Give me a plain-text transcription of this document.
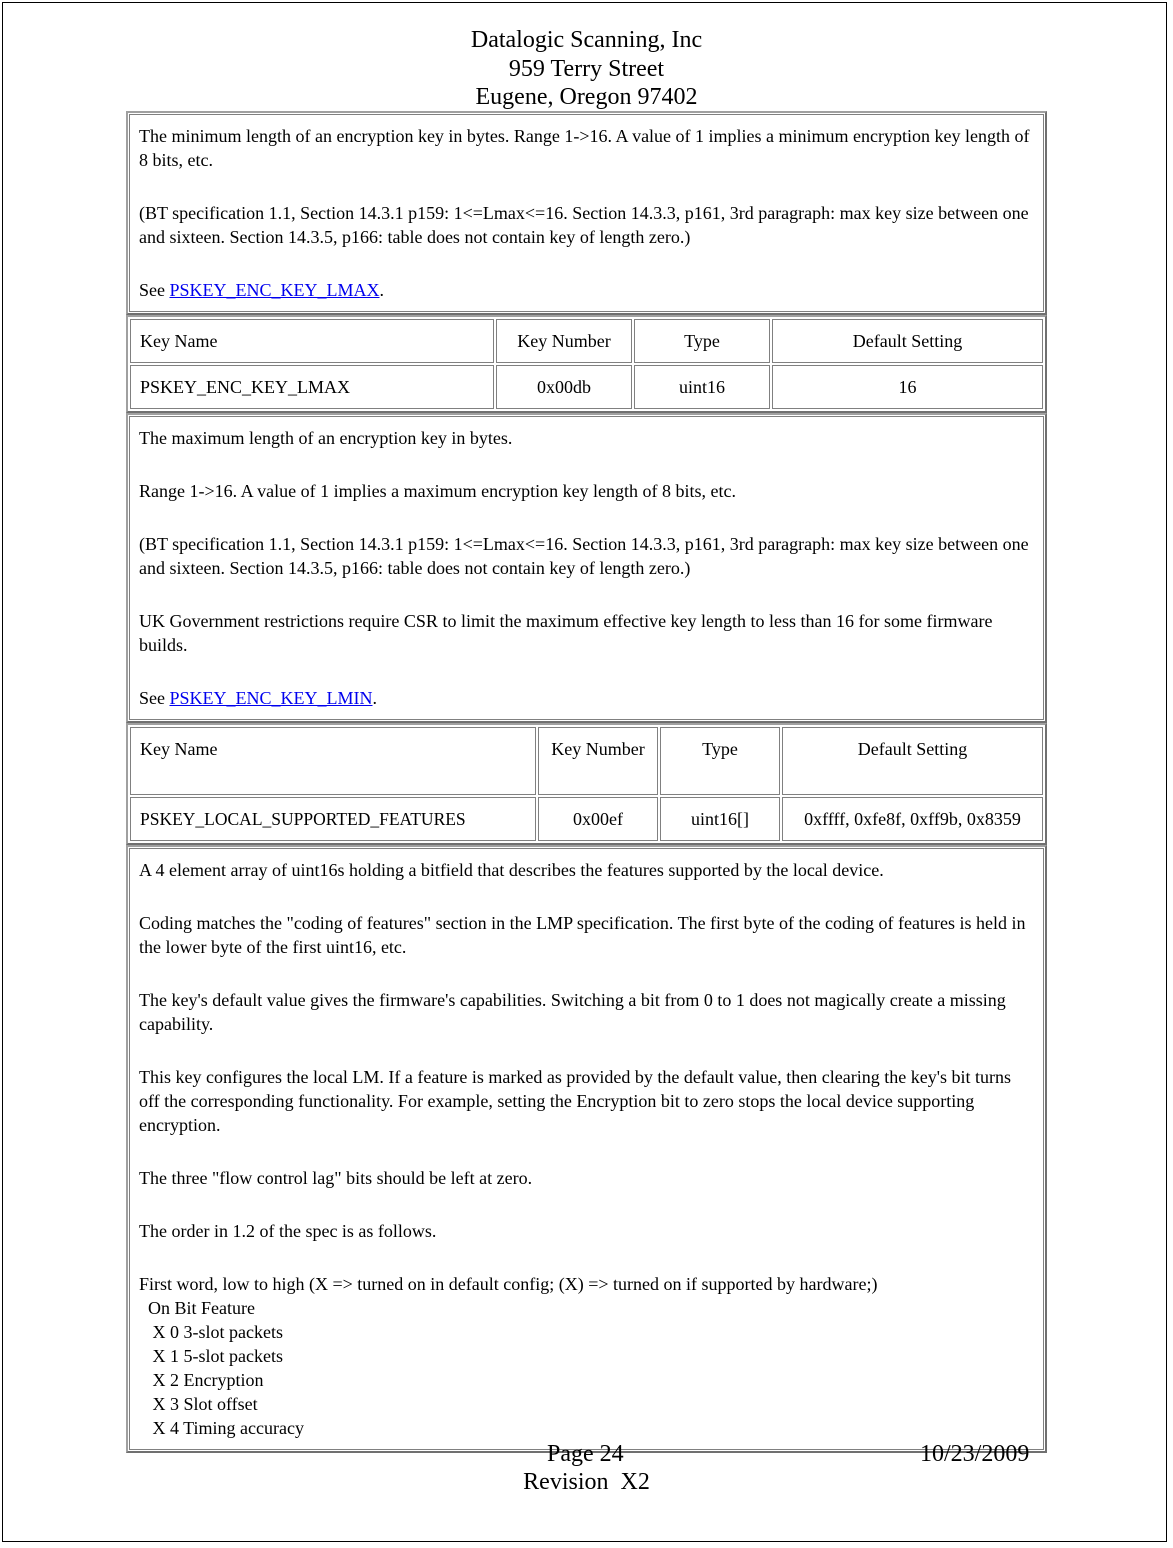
Datalogic Scanning, Inc
959 Terry Street
Eugene, Oregon 97402

The minimum length of an encryption key in bytes. Range 1->16. A value of 1 implies a minimum encryption key length of 8 bits, etc.

(BT specification 1.1, Section 14.3.1 p159: 1<=Lmax<=16. Section 14.3.3, p161, 3rd paragraph: max key size between one and sixteen. Section 14.3.5, p166: table does not contain key of length zero.)

See PSKEY_ENC_KEY_LMAX.

Key Name	Key Number	Type	Default Setting
PSKEY_ENC_KEY_LMAX	0x00db	uint16	16

The maximum length of an encryption key in bytes.

Range 1->16. A value of 1 implies a maximum encryption key length of 8 bits, etc.

(BT specification 1.1, Section 14.3.1 p159: 1<=Lmax<=16. Section 14.3.3, p161, 3rd paragraph: max key size between one and sixteen. Section 14.3.5, p166: table does not contain key of length zero.)

UK Government restrictions require CSR to limit the maximum effective key length to less than 16 for some firmware builds.

See PSKEY_ENC_KEY_LMIN.

Key Name	Key Number	Type	Default Setting
PSKEY_LOCAL_SUPPORTED_FEATURES	0x00ef	uint16[]	0xffff, 0xfe8f, 0xff9b, 0x8359

A 4 element array of uint16s holding a bitfield that describes the features supported by the local device.

Coding matches the "coding of features" section in the LMP specification. The first byte of the coding of features is held in the lower byte of the first uint16, etc.

The key's default value gives the firmware's capabilities. Switching a bit from 0 to 1 does not magically create a missing capability.

This key configures the local LM. If a feature is marked as provided by the default value, then clearing the key's bit turns off the corresponding functionality. For example, setting the Encryption bit to zero stops the local device supporting encryption.

The three "flow control lag" bits should be left at zero.

The order in 1.2 of the spec is as follows.

First word, low to high (X => turned on in default config; (X) => turned on if supported by hardware;)
On Bit Feature
X 0 3-slot packets
X 1 5-slot packets
X 2 Encryption
X 3 Slot offset
X 4 Timing accuracy
Page 24	10/23/2009
Revision  X2
